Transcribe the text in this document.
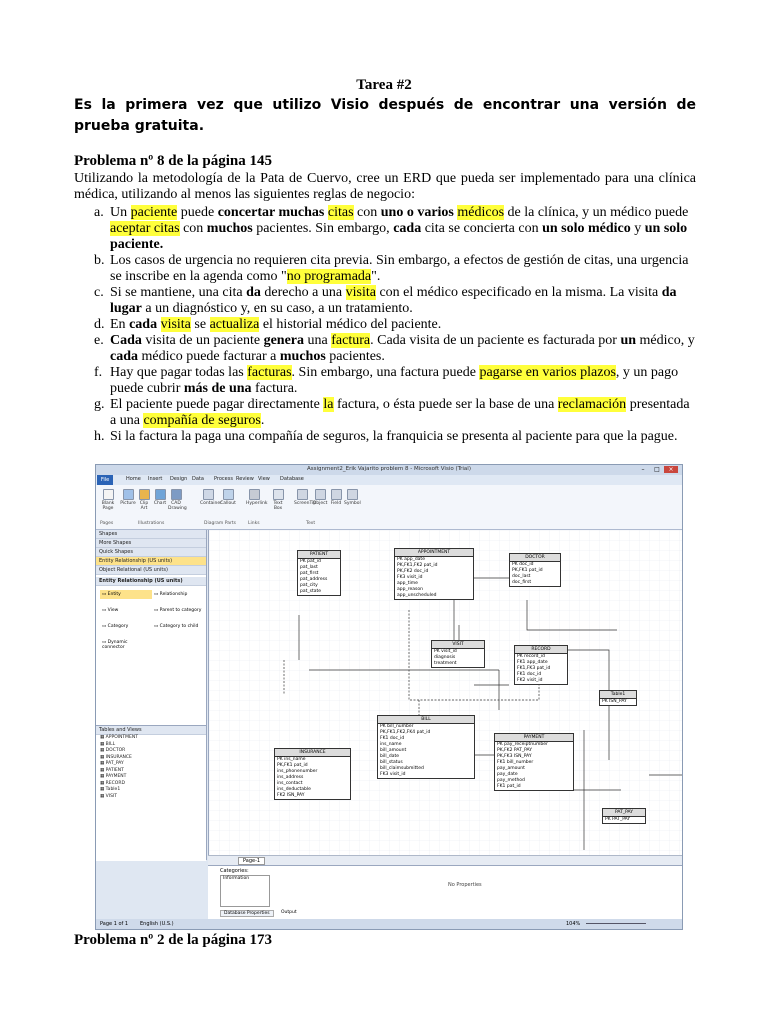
Tarea #2
Es la primera vez que utilizo Visio después de encontrar una versión de prueba gratuita.
Problema nº 8 de la página 145
Utilizando la metodología de la Pata de Cuervo, cree un ERD que pueda ser implementado para una clínica médica, utilizando al menos las siguientes reglas de negocio:
a. Un paciente puede concertar muchas citas con uno o varios médicos de la clínica, y un médico puede aceptar citas con muchos pacientes. Sin embargo, cada cita se concierta con un solo médico y un solo paciente.
b. Los casos de urgencia no requieren cita previa. Sin embargo, a efectos de gestión de citas, una urgencia se inscribe en la agenda como "no programada".
c. Si se mantiene, una cita da derecho a una visita con el médico especificado en la misma. La visita da lugar a un diagnóstico y, en su caso, a un tratamiento.
d. En cada visita se actualiza el historial médico del paciente.
e. Cada visita de un paciente genera una factura. Cada visita de un paciente es facturada por un médico, y cada médico puede facturar a muchos pacientes.
f. Hay que pagar todas las facturas. Sin embargo, una factura puede pagarse en varios plazos, y un pago puede cubrir más de una factura.
g. El paciente puede pagar directamente la factura, o ésta puede ser la base de una reclamación presentada a una compañía de seguros.
h. Si la factura la paga una compañía de seguros, la franquicia se presenta al paciente para que la pague.
Assignment2_Erik Vajarito problem 8 - Microsoft Visio (Trial)	–	□	×
Home Insert Design Data Process Review View Database
File
Blank Page
Picture Clip Art
Chart	CAD Drawing
Container
Callout Hyperlink	Text Box
ScreenTip
Object Field Symbol
Pages	Illustrations	Diagram Parts	Links	Text
Shapes
More Shapes
Quick Shapes
Entity Relationship (US units)
Object Relational (US units)
Entity Relationship (US units)
▭ Entity	▭ Relationship
▭ View	▭ Parent to category
▭ Category	▭ Category to child
▭ Dynamic connector
Tables and Views
▦ APPOINTMENT
▦ BILL
▦ DOCTOR
▦ INSURANCE
▦ PAT_PAY
▦ PATIENT
▦ PAYMENT
▦ RECORD
▦ Table1
▦ VISIT
PATIENT
PK pat_id
pat_last
pat_first
pat_address
pat_city
pat_state
APPOINTMENT
PK app_date
PK,FK1,FK2 pat_id
PK,FK2 doc_id
FK3 visit_id
app_time
app_reason
app_unscheduled
DOCTOR
PK doc_id
PK,FK1 pat_id
doc_last
doc_first
VISIT
PK visit_id
diagnosis
treatment
RECORD
PK record_id
FK1 app_date
FK1,FK3 pat_id
FK1 doc_id
FK2 visit_id
Table1
PK ISN_PAY
BILL
PK bill_number
PK,FK1,FK2,FK4 pat_id
FK1 doc_id
ins_name
bill_amount
bill_date
bill_status
bill_claimsubmitted
FK3 visit_id
INSURANCE
PK ins_name
PK,FK1 pat_id
ins_phonenumber
ins_address
ins_contact
ins_deductable
FK2 ISN_PAY
PAYMENT
PK pay_receiptnumber
PK,FK2 PAT_PAY
PK,FK3 ISN_PAY
FK1 bill_number
pay_amount
pay_date
pay_method
FK1 pat_id
PAT_PAY
PK PAT_PAY
Page-1
Categories:
Information
No Properties
Database Properties	Output
Page 1 of 1 English (U.S.)	104%
Problema nº 2 de la página 173
